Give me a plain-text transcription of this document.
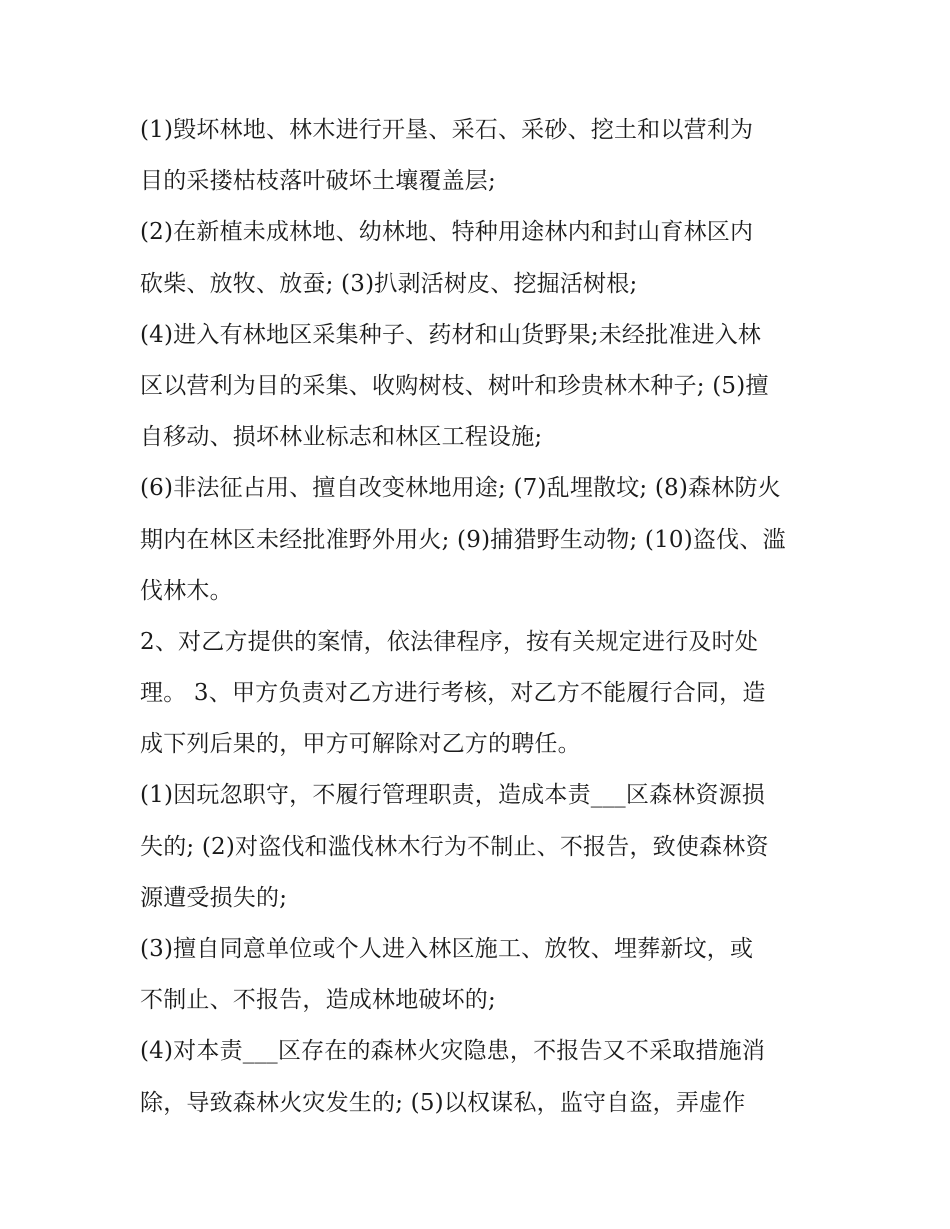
(1)毁坏林地、林木进行开垦、采石、采砂、挖土和以营利为
目的采搂枯枝落叶破坏土壤覆盖层;
(2)在新植未成林地、幼林地、特种用途林内和封山育林区内
砍柴、放牧、放蚕; (3)扒剥活树皮、挖掘活树根;
(4)进入有林地区采集种子、药材和山货野果;未经批准进入林
区以营利为目的采集、收购树枝、树叶和珍贵林木种子; (5)擅
自移动、损坏林业标志和林区工程设施;
(6)非法征占用、擅自改变林地用途; (7)乱埋散坟; (8)森林防火
期内在林区未经批准野外用火; (9)捕猎野生动物; (10)盗伐、滥
伐林木。
2、对乙方提供的案情，依法律程序，按有关规定进行及时处
理。 3、甲方负责对乙方进行考核，对乙方不能履行合同，造
成下列后果的，甲方可解除对乙方的聘任。
(1)因玩忽职守，不履行管理职责，造成本责___区森林资源损
失的; (2)对盗伐和滥伐林木行为不制止、不报告，致使森林资
源遭受损失的;
(3)擅自同意单位或个人进入林区施工、放牧、埋葬新坟，或
不制止、不报告，造成林地破坏的;
(4)对本责___区存在的森林火灾隐患，不报告又不采取措施消
除，导致森林火灾发生的; (5)以权谋私，监守自盗，弄虚作
